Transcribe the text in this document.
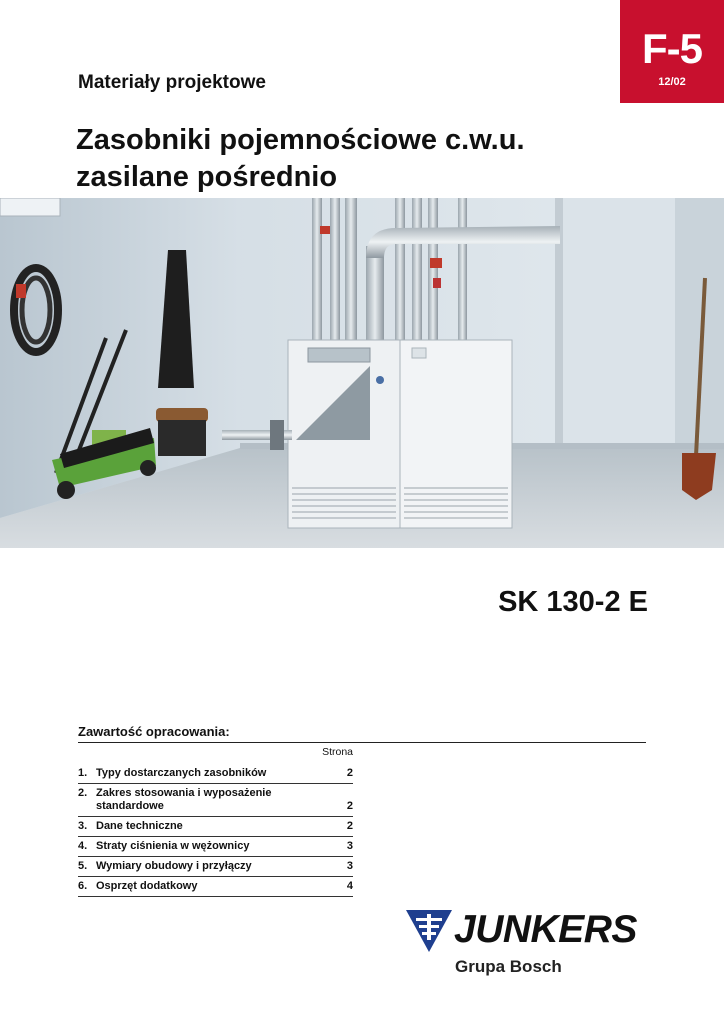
F-5
12/02
Materiały projektowe
Zasobniki pojemnościowe c.w.u.
zasilane pośrednio
SK 130-2 E
Zawartość opracowania:
Strona
1. Typy dostarczanych zasobników	2
2. Zakres stosowania i wyposażenie standardowe	2
3. Dane techniczne	2
4. Straty ciśnienia w wężownicy	3
5. Wymiary obudowy i przyłączy	3
6. Osprzęt dodatkowy	4
JUNKERS
Grupa Bosch
